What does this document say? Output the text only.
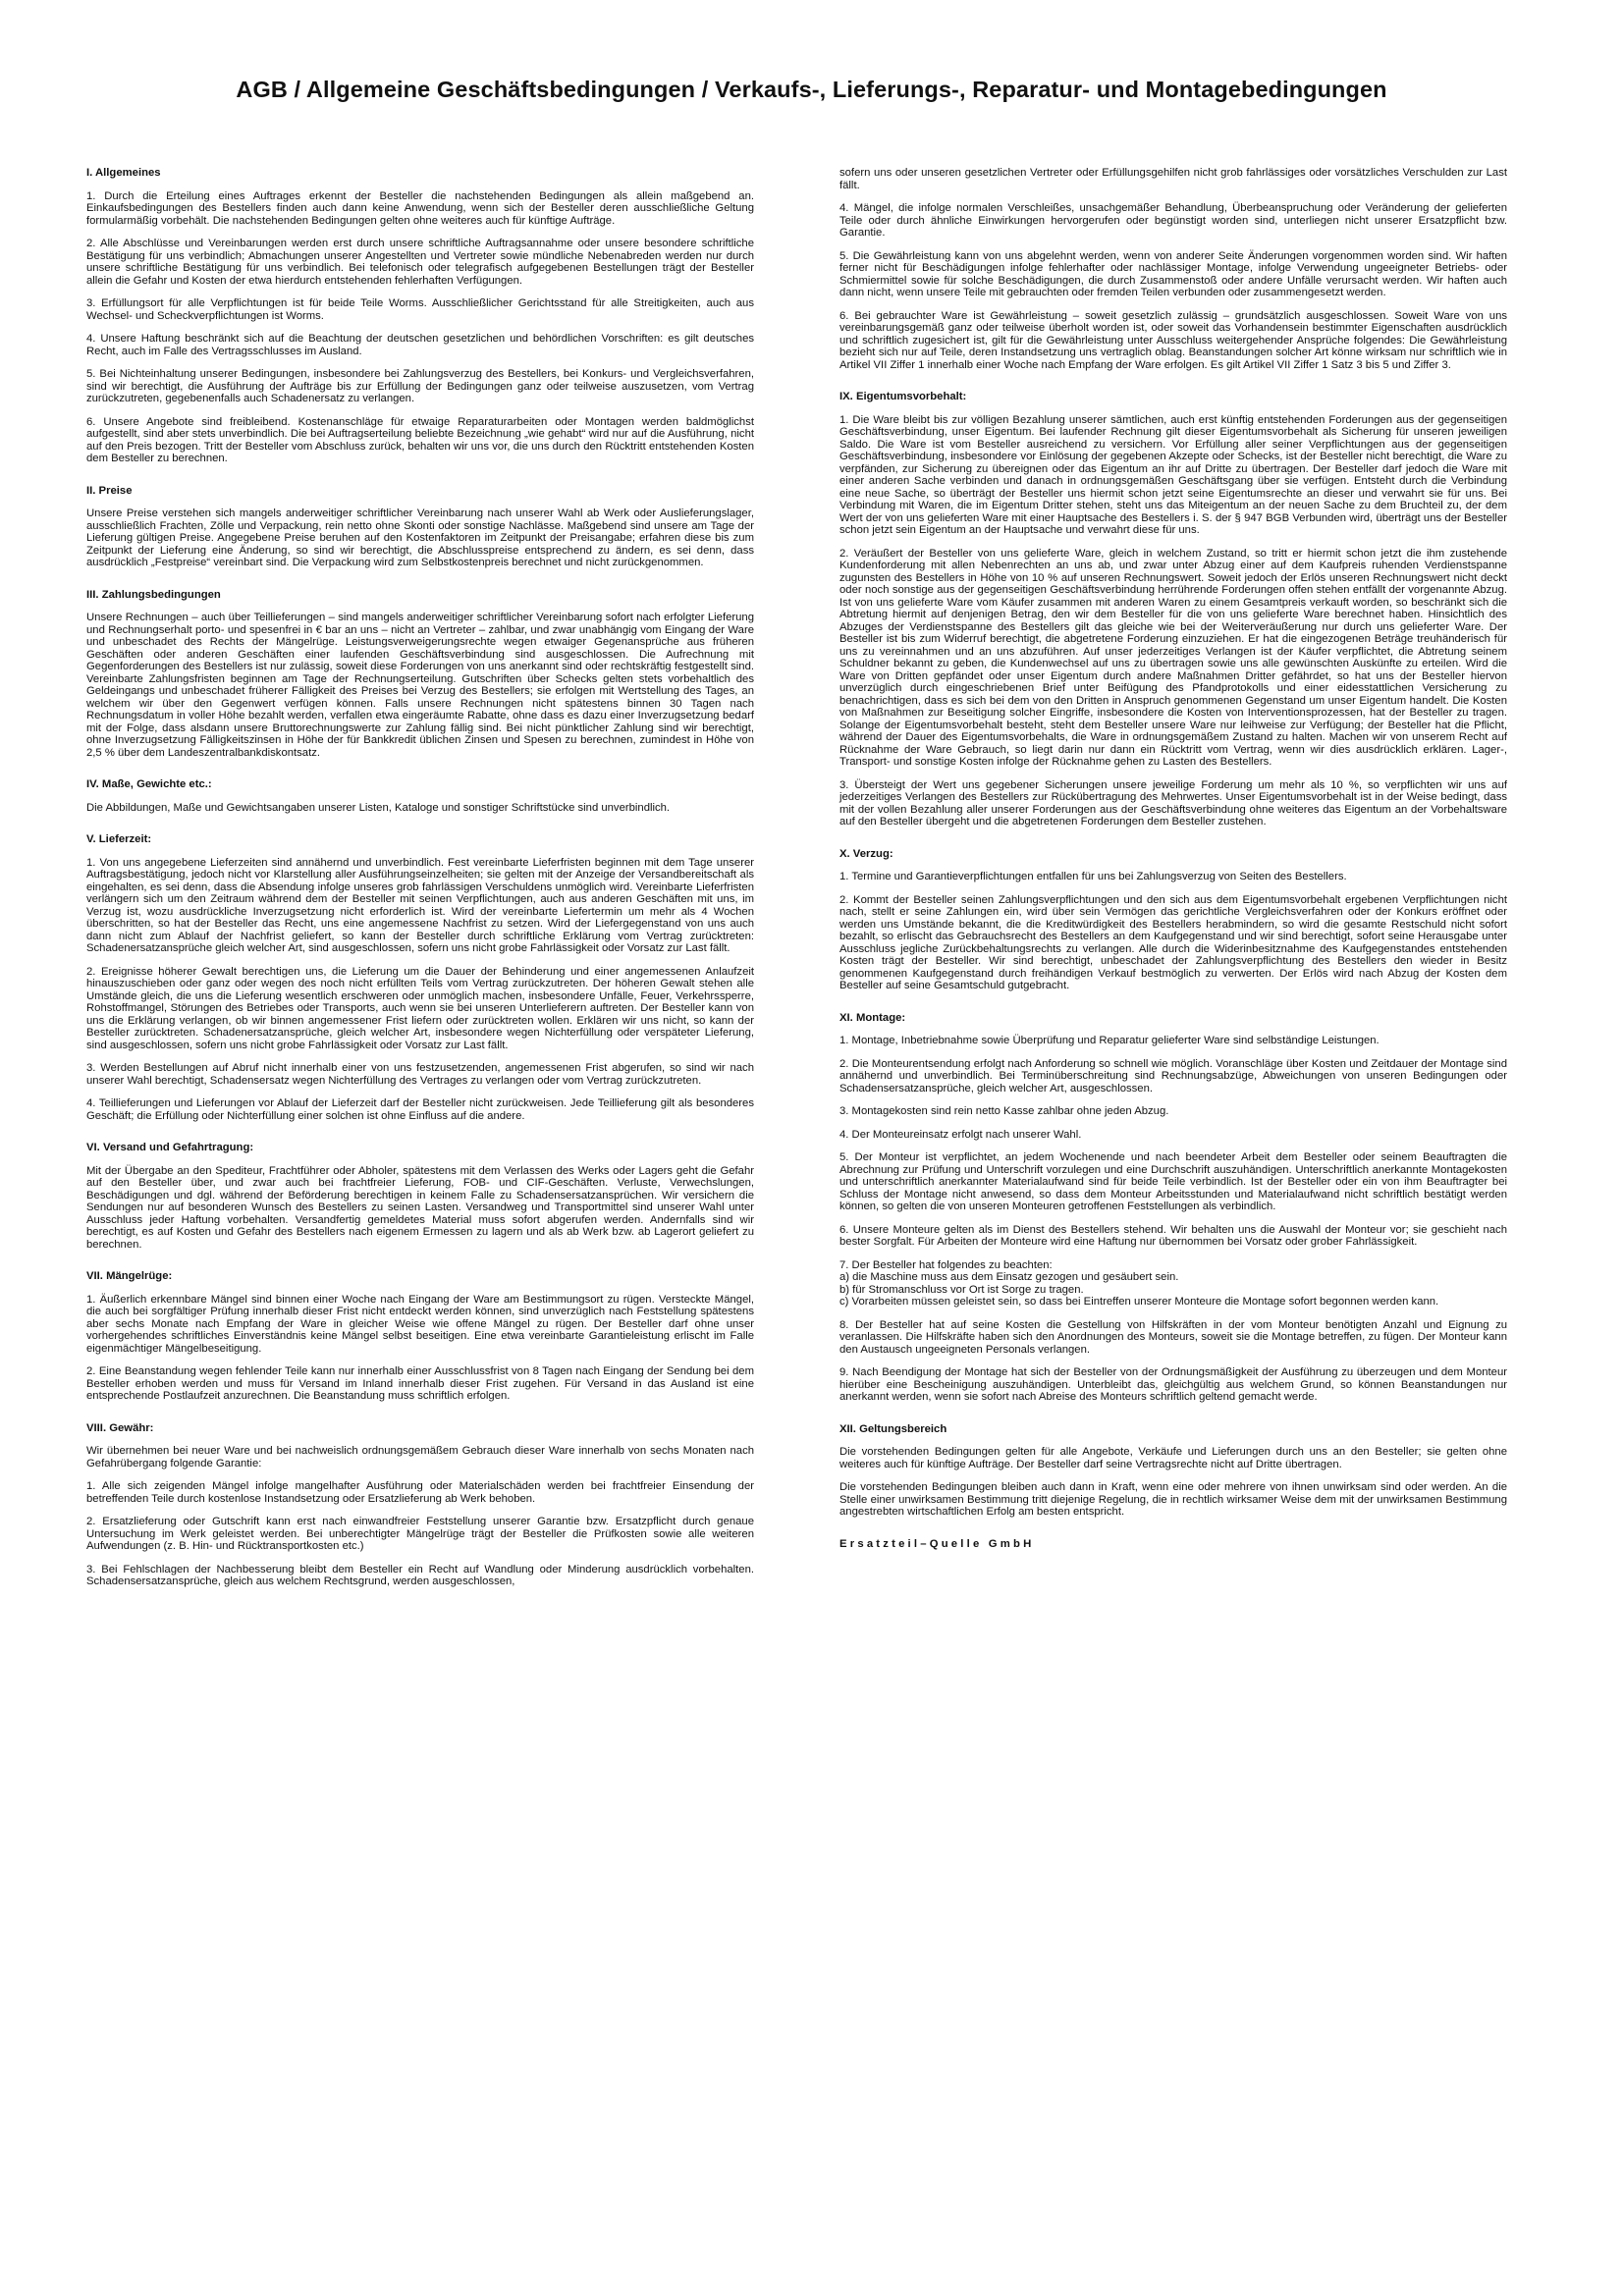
AGB / Allgemeine Geschäftsbedingungen / Verkaufs-, Lieferungs-, Reparatur- und Montagebedingungen
I. Allgemeines

1. Durch die Erteilung eines Auftrages erkennt der Besteller die nachstehenden Bedingungen als allein maßgebend an. Einkaufsbedingungen des Bestellers finden auch dann keine Anwendung, wenn sich der Besteller deren ausschließliche Geltung formularmäßig vorbehält. Die nachstehenden Bedingungen gelten ohne weiteres auch für künftige Aufträge.

2. Alle Abschlüsse und Vereinbarungen werden erst durch unsere schriftliche Auftragsannahme oder unsere besondere schriftliche Bestätigung für uns verbindlich; Abmachungen unserer Angestellten und Vertreter sowie mündliche Nebenabreden werden nur durch unsere schriftliche Bestätigung für uns verbindlich. Bei telefonisch oder telegrafisch aufgegebenen Bestellungen trägt der Besteller allein die Gefahr und Kosten der etwa hierdurch entstehenden fehlerhaften Verfügungen.

3. Erfüllungsort für alle Verpflichtungen ist für beide Teile Worms. Ausschließlicher Gerichtsstand für alle Streitigkeiten, auch aus Wechsel- und Scheckverpflichtungen ist Worms.

4. Unsere Haftung beschränkt sich auf die Beachtung der deutschen gesetzlichen und behördlichen Vorschriften: es gilt deutsches Recht, auch im Falle des Vertragsschlusses im Ausland.

5. Bei Nichteinhaltung unserer Bedingungen, insbesondere bei Zahlungsverzug des Bestellers, bei Konkurs- und Vergleichsverfahren, sind wir berechtigt, die Ausführung der Aufträge bis zur Erfüllung der Bedingungen ganz oder teilweise auszusetzen, vom Vertrag zurückzutreten, gegebenenfalls auch Schadenersatz zu verlangen.

6. Unsere Angebote sind freibleibend. Kostenanschläge für etwaige Reparaturarbeiten oder Montagen werden baldmöglichst aufgestellt, sind aber stets unverbindlich. Die bei Auftragserteilung beliebte Bezeichnung „wie gehabt“ wird nur auf die Ausführung, nicht auf den Preis bezogen. Tritt der Besteller vom Abschluss zurück, behalten wir uns vor, die uns durch den Rücktritt entstehenden Kosten dem Besteller zu berechnen.

II. Preise

Unsere Preise verstehen sich mangels anderweitiger schriftlicher Vereinbarung nach unserer Wahl ab Werk oder Auslieferungslager, ausschließlich Frachten, Zölle und Verpackung, rein netto ohne Skonti oder sonstige Nachlässe. Maßgebend sind unsere am Tage der Lieferung gültigen Preise. Angegebene Preise beruhen auf den Kostenfaktoren im Zeitpunkt der Preisangabe; erfahren diese bis zum Zeitpunkt der Lieferung eine Änderung, so sind wir berechtigt, die Abschlusspreise entsprechend zu ändern, es sei denn, dass ausdrücklich „Festpreise“ vereinbart sind. Die Verpackung wird zum Selbstkostenpreis berechnet und nicht zurückgenommen.

III. Zahlungsbedingungen

Unsere Rechnungen – auch über Teillieferungen – sind mangels anderweitiger schriftlicher Vereinbarung sofort nach erfolgter Lieferung und Rechnungserhalt porto- und spesenfrei in € bar an uns – nicht an Vertreter – zahlbar, und zwar unabhängig vom Eingang der Ware und unbeschadet des Rechts der Mängelrüge. Leistungsverweigerungsrechte wegen etwaiger Gegenansprüche aus früheren Geschäften oder anderen Geschäften einer laufenden Geschäftsverbindung sind ausgeschlossen. Die Aufrechnung mit Gegenforderungen des Bestellers ist nur zulässig, soweit diese Forderungen von uns anerkannt sind oder rechtskräftig festgestellt sind. Vereinbarte Zahlungsfristen beginnen am Tage der Rechnungserteilung. Gutschriften über Schecks gelten stets vorbehaltlich des Geldeingangs und unbeschadet früherer Fälligkeit des Preises bei Verzug des Bestellers; sie erfolgen mit Wertstellung des Tages, an welchem wir über den Gegenwert verfügen können. Falls unsere Rechnungen nicht spätestens binnen 30 Tagen nach Rechnungsdatum in voller Höhe bezahlt werden, verfallen etwa eingeräumte Rabatte, ohne dass es dazu einer Inverzugsetzung bedarf mit der Folge, dass alsdann unsere Bruttorechnungswerte zur Zahlung fällig sind. Bei nicht pünktlicher Zahlung sind wir berechtigt, ohne Inverzugsetzung Fälligkeitszinsen in Höhe der für Bankkredit üblichen Zinsen und Spesen zu berechnen, zumindest in Höhe von 2,5 % über dem Landeszentralbankdiskontsatz.

IV. Maße, Gewichte etc.:

Die Abbildungen, Maße und Gewichtsangaben unserer Listen, Kataloge und sonstiger Schriftstücke sind unverbindlich.

V. Lieferzeit:

1. Von uns angegebene Lieferzeiten sind annähernd und unverbindlich. Fest vereinbarte Lieferfristen beginnen mit dem Tage unserer Auftragsbestätigung, jedoch nicht vor Klarstellung aller Ausführungseinzelheiten; sie gelten mit der Anzeige der Versandbereitschaft als eingehalten, es sei denn, dass die Absendung infolge unseres grob fahrlässigen Verschuldens unmöglich wird. Vereinbarte Lieferfristen verlängern sich um den Zeitraum während dem der Besteller mit seinen Verpflichtungen, auch aus anderen Geschäften mit uns, im Verzug ist, wozu ausdrückliche Inverzugsetzung nicht erforderlich ist. Wird der vereinbarte Liefertermin um mehr als 4 Wochen überschritten, so hat der Besteller das Recht, uns eine angemessene Nachfrist zu setzen. Wird der Liefergegenstand von uns auch dann nicht zum Ablauf der Nachfrist geliefert, so kann der Besteller durch schriftliche Erklärung vom Vertrag zurücktreten: Schadenersatzansprüche gleich welcher Art, sind ausgeschlossen, sofern uns nicht grobe Fahrlässigkeit oder Vorsatz zur Last fällt.

2. Ereignisse höherer Gewalt berechtigen uns, die Lieferung um die Dauer der Behinderung und einer angemessenen Anlaufzeit hinauszuschieben oder ganz oder wegen des noch nicht erfüllten Teils vom Vertrag zurückzutreten. Der höheren Gewalt stehen alle Umstände gleich, die uns die Lieferung wesentlich erschweren oder unmöglich machen, insbesondere Unfälle, Feuer, Verkehrssperre, Rohstoffmangel, Störungen des Betriebes oder Transports, auch wenn sie bei unseren Unterlieferern auftreten. Der Besteller kann von uns die Erklärung verlangen, ob wir binnen angemessener Frist liefern oder zurücktreten wollen. Erklären wir uns nicht, so kann der Besteller zurücktreten. Schadenersatzansprüche, gleich welcher Art, insbesondere wegen Nichterfüllung oder verspäteter Lieferung, sind ausgeschlossen, sofern uns nicht grobe Fahrlässigkeit oder Vorsatz zur Last fällt.

3. Werden Bestellungen auf Abruf nicht innerhalb einer von uns festzusetzenden, angemessenen Frist abgerufen, so sind wir nach unserer Wahl berechtigt, Schadensersatz wegen Nichterfüllung des Vertrages zu verlangen oder vom Vertrag zurückzutreten.

4. Teillieferungen und Lieferungen vor Ablauf der Lieferzeit darf der Besteller nicht zurückweisen. Jede Teillieferung gilt als besonderes Geschäft; die Erfüllung oder Nichterfüllung einer solchen ist ohne Einfluss auf die andere.

VI. Versand und Gefahrtragung:

Mit der Übergabe an den Spediteur, Frachtführer oder Abholer, spätestens mit dem Verlassen des Werks oder Lagers geht die Gefahr auf den Besteller über, und zwar auch bei frachtfreier Lieferung, FOB- und CIF-Geschäften. Verluste, Verwechslungen, Beschädigungen und dgl. während der Beförderung berechtigen in keinem Falle zu Schadensersatzansprüchen. Wir versichern die Sendungen nur auf besonderen Wunsch des Bestellers zu seinen Lasten. Versandweg und Transportmittel sind unserer Wahl unter Ausschluss jeder Haftung vorbehalten. Versandfertig gemeldetes Material muss sofort abgerufen werden. Andernfalls sind wir berechtigt, es auf Kosten und Gefahr des Bestellers nach eigenem Ermessen zu lagern und als ab Werk bzw. ab Lagerort geliefert zu berechnen.

VII. Mängelrüge:

1. Äußerlich erkennbare Mängel sind binnen einer Woche nach Eingang der Ware am Bestimmungsort zu rügen. Versteckte Mängel, die auch bei sorgfältiger Prüfung innerhalb dieser Frist nicht entdeckt werden können, sind unverzüglich nach Feststellung spätestens aber sechs Monate nach Empfang der Ware in gleicher Weise wie offene Mängel zu rügen. Der Besteller darf ohne unser vorhergehendes schriftliches Einverständnis keine Mängel selbst beseitigen. Eine etwa vereinbarte Garantieleistung erlischt im Falle eigenmächtiger Mängelbeseitigung.

2. Eine Beanstandung wegen fehlender Teile kann nur innerhalb einer Ausschlussfrist von 8 Tagen nach Eingang der Sendung bei dem Besteller erhoben werden und muss für Versand im Inland innerhalb dieser Frist zugehen. Für Versand in das Ausland ist eine entsprechende Postlaufzeit anzurechnen. Die Beanstandung muss schriftlich erfolgen.

VIII. Gewähr:

Wir übernehmen bei neuer Ware und bei nachweislich ordnungsgemäßem Gebrauch dieser Ware innerhalb von sechs Monaten nach Gefahrübergang folgende Garantie:

1. Alle sich zeigenden Mängel infolge mangelhafter Ausführung oder Materialschäden werden bei frachtfreier Einsendung der betreffenden Teile durch kostenlose Instandsetzung oder Ersatzlieferung ab Werk behoben.

2. Ersatzlieferung oder Gutschrift kann erst nach einwandfreier Feststellung unserer Garantie bzw. Ersatzpflicht durch genaue Untersuchung im Werk geleistet werden. Bei unberechtigter Mängelrüge trägt der Besteller die Prüfkosten sowie alle weiteren Aufwendungen (z. B. Hin- und Rücktransportkosten etc.)

3. Bei Fehlschlagen der Nachbesserung bleibt dem Besteller ein Recht auf Wandlung oder Minderung ausdrücklich vorbehalten. Schadensersatzansprüche, gleich aus welchem Rechtsgrund, werden ausgeschlossen,

sofern uns oder unseren gesetzlichen Vertreter oder Erfüllungsgehilfen nicht grob fahrlässiges oder vorsätzliches Verschulden zur Last fällt.

4. Mängel, die infolge normalen Verschleißes, unsachgemäßer Behandlung, Überbeanspruchung oder Veränderung der gelieferten Teile oder durch ähnliche Einwirkungen hervorgerufen oder begünstigt worden sind, unterliegen nicht unserer Ersatzpflicht bzw. Garantie.

5. Die Gewährleistung kann von uns abgelehnt werden, wenn von anderer Seite Änderungen vorgenommen worden sind. Wir haften ferner nicht für Beschädigungen infolge fehlerhafter oder nachlässiger Montage, infolge Verwendung ungeeigneter Betriebs- oder Schmiermittel sowie für solche Beschädigungen, die durch Zusammenstoß oder andere Unfälle verursacht werden. Wir haften auch dann nicht, wenn unsere Teile mit gebrauchten oder fremden Teilen verbunden oder zusammengesetzt werden.

6. Bei gebrauchter Ware ist Gewährleistung – soweit gesetzlich zulässig – grundsätzlich ausgeschlossen. Soweit Ware von uns vereinbarungsgemäß ganz oder teilweise überholt worden ist, oder soweit das Vorhandensein bestimmter Eigenschaften ausdrücklich und schriftlich zugesichert ist, gilt für die Gewährleistung unter Ausschluss weitergehender Ansprüche folgendes: Die Gewährleistung bezieht sich nur auf Teile, deren Instandsetzung uns vertraglich oblag. Beanstandungen solcher Art könne wirksam nur schriftlich wie in Artikel VII Ziffer 1 innerhalb einer Woche nach Empfang der Ware erfolgen. Es gilt Artikel VII Ziffer 1 Satz 3 bis 5 und Ziffer 3.

IX. Eigentumsvorbehalt:

1. Die Ware bleibt bis zur völligen Bezahlung unserer sämtlichen, auch erst künftig entstehenden Forderungen aus der gegenseitigen Geschäftsverbindung, unser Eigentum. Bei laufender Rechnung gilt dieser Eigentumsvorbehalt als Sicherung für unseren jeweiligen Saldo. Die Ware ist vom Besteller ausreichend zu versichern. Vor Erfüllung aller seiner Verpflichtungen aus der gegenseitigen Geschäftsverbindung, insbesondere vor Einlösung der gegebenen Akzepte oder Schecks, ist der Besteller nicht berechtigt, die Ware zu verpfänden, zur Sicherung zu übereignen oder das Eigentum an ihr auf Dritte zu übertragen. Der Besteller darf jedoch die Ware mit einer anderen Sache verbinden und danach in ordnungsgemäßen Geschäftsgang über sie verfügen. Entsteht durch die Verbindung eine neue Sache, so überträgt der Besteller uns hiermit schon jetzt seine Eigentumsrechte an dieser und verwahrt sie für uns. Bei Verbindung mit Waren, die im Eigentum Dritter stehen, steht uns das Miteigentum an der neuen Sache zu dem Bruchteil zu, der dem Wert der von uns gelieferten Ware mit einer Hauptsache des Bestellers i. S. der § 947 BGB Verbunden wird, überträgt uns der Besteller schon jetzt sein Eigentum an der Hauptsache und verwahrt diese für uns.

2. Veräußert der Besteller von uns gelieferte Ware, gleich in welchem Zustand, so tritt er hiermit schon jetzt die ihm zustehende Kundenforderung mit allen Nebenrechten an uns ab, und zwar unter Abzug einer auf dem Kaufpreis ruhenden Verdienstspanne zugunsten des Bestellers in Höhe von 10 % auf unseren Rechnungswert. Soweit jedoch der Erlös unseren Rechnungswert nicht deckt oder noch sonstige aus der gegenseitigen Geschäftsverbindung herrührende Forderungen offen stehen entfällt der vorgenannte Abzug. Ist von uns gelieferte Ware vom Käufer zusammen mit anderen Waren zu einem Gesamtpreis verkauft worden, so beschränkt sich die Abtretung hiermit auf denjenigen Betrag, den wir dem Besteller für die von uns gelieferte Ware berechnet haben. Hinsichtlich des Abzuges der Verdienstspanne des Bestellers gilt das gleiche wie bei der Weiterveräußerung nur durch uns gelieferter Ware. Der Besteller ist bis zum Widerruf berechtigt, die abgetretene Forderung einzuziehen. Er hat die eingezogenen Beträge treuhänderisch für uns zu vereinnahmen und an uns abzuführen. Auf unser jederzeitiges Verlangen ist der Käufer verpflichtet, die Abtretung seinem Schuldner bekannt zu geben, die Kundenwechsel auf uns zu übertragen sowie uns alle gewünschten Auskünfte zu erteilen. Wird die Ware von Dritten gepfändet oder unser Eigentum durch andere Maßnahmen Dritter gefährdet, so hat uns der Besteller hiervon unverzüglich durch eingeschriebenen Brief unter Beifügung des Pfandprotokolls und einer eidesstattlichen Versicherung zu benachrichtigen, dass es sich bei dem von den Dritten in Anspruch genommenen Gegenstand um unser Eigentum handelt. Die Kosten von Maßnahmen zur Beseitigung solcher Eingriffe, insbesondere die Kosten von Interventionsprozessen, hat der Besteller zu tragen. Solange der Eigentumsvorbehalt besteht, steht dem Besteller unsere Ware nur leihweise zur Verfügung; der Besteller hat die Pflicht, während der Dauer des Eigentumsvorbehalts, die Ware in ordnungsgemäßem Zustand zu halten. Machen wir von unserem Recht auf Rücknahme der Ware Gebrauch, so liegt darin nur dann ein Rücktritt vom Vertrag, wenn wir dies ausdrücklich erklären. Lager-, Transport- und sonstige Kosten infolge der Rücknahme gehen zu Lasten des Bestellers.

3. Übersteigt der Wert uns gegebener Sicherungen unsere jeweilige Forderung um mehr als 10 %, so verpflichten wir uns auf jederzeitiges Verlangen des Bestellers zur Rückübertragung des Mehrwertes. Unser Eigentumsvorbehalt ist in der Weise bedingt, dass mit der vollen Bezahlung aller unserer Forderungen aus der Geschäftsverbindung ohne weiteres das Eigentum an der Vorbehaltsware auf den Besteller übergeht und die abgetretenen Forderungen dem Besteller zustehen.

X. Verzug:

1. Termine und Garantieverpflichtungen entfallen für uns bei Zahlungsverzug von Seiten des Bestellers.

2. Kommt der Besteller seinen Zahlungsverpflichtungen und den sich aus dem Eigentumsvorbehalt ergebenen Verpflichtungen nicht nach, stellt er seine Zahlungen ein, wird über sein Vermögen das gerichtliche Vergleichsverfahren oder der Konkurs eröffnet oder werden uns Umstände bekannt, die die Kreditwürdigkeit des Bestellers herabmindern, so wird die gesamte Restschuld nicht sofort bezahlt, so erlischt das Gebrauchsrecht des Bestellers an dem Kaufgegenstand und wir sind berechtigt, sofort seine Herausgabe unter Ausschluss jegliche Zurückbehaltungsrechts zu verlangen. Alle durch die Widerinbesitznahme des Kaufgegenstandes entstehenden Kosten trägt der Besteller. Wir sind berechtigt, unbeschadet der Zahlungsverpflichtung des Bestellers den wieder in Besitz genommenen Kaufgegenstand durch freihändigen Verkauf bestmöglich zu verwerten. Der Erlös wird nach Abzug der Kosten dem Besteller auf seine Gesamtschuld gutgebracht.

XI. Montage:

1. Montage, Inbetriebnahme sowie Überprüfung und Reparatur gelieferter Ware sind selbständige Leistungen.

2. Die Monteurentsendung erfolgt nach Anforderung so schnell wie möglich. Voranschläge über Kosten und Zeitdauer der Montage sind annähernd und unverbindlich. Bei Terminüberschreitung sind Rechnungsabzüge, Abweichungen von unseren Bedingungen oder Schadensersatzansprüche, gleich welcher Art, ausgeschlossen.

3. Montagekosten sind rein netto Kasse zahlbar ohne jeden Abzug.

4. Der Monteureinsatz erfolgt nach unserer Wahl.

5. Der Monteur ist verpflichtet, an jedem Wochenende und nach beendeter Arbeit dem Besteller oder seinem Beauftragten die Abrechnung zur Prüfung und Unterschrift vorzulegen und eine Durchschrift auszuhändigen. Unterschriftlich anerkannte Montagekosten und unterschriftlich anerkannter Materialaufwand sind für beide Teile verbindlich. Ist der Besteller oder ein von ihm Beauftragter bei Schluss der Montage nicht anwesend, so dass dem Monteur Arbeitsstunden und Materialaufwand nicht schriftlich bestätigt werden können, so gelten die von unseren Monteuren getroffenen Feststellungen als verbindlich.

6. Unsere Monteure gelten als im Dienst des Bestellers stehend. Wir behalten uns die Auswahl der Monteur vor; sie geschieht nach bester Sorgfalt. Für Arbeiten der Monteure wird eine Haftung nur übernommen bei Vorsatz oder grober Fahrlässigkeit.

7. Der Besteller hat folgendes zu beachten:
a) die Maschine muss aus dem Einsatz gezogen und gesäubert sein.
b) für Stromanschluss vor Ort ist Sorge zu tragen.
c) Vorarbeiten müssen geleistet sein, so dass bei Eintreffen unserer Monteure die Montage sofort begonnen werden kann.

8. Der Besteller hat auf seine Kosten die Gestellung von Hilfskräften in der vom Monteur benötigten Anzahl und Eignung zu veranlassen. Die Hilfskräfte haben sich den Anordnungen des Monteurs, soweit sie die Montage betreffen, zu fügen. Der Monteur kann den Austausch ungeeigneten Personals verlangen.

9. Nach Beendigung der Montage hat sich der Besteller von der Ordnungsmäßigkeit der Ausführung zu überzeugen und dem Monteur hierüber eine Bescheinigung auszuhändigen. Unterbleibt das, gleichgültig aus welchem Grund, so können Beanstandungen nur anerkannt werden, wenn sie sofort nach Abreise des Monteurs schriftlich geltend gemacht werde.

XII. Geltungsbereich

Die vorstehenden Bedingungen gelten für alle Angebote, Verkäufe und Lieferungen durch uns an den Besteller; sie gelten ohne weiteres auch für künftige Aufträge. Der Besteller darf seine Vertragsrechte nicht auf Dritte übertragen.

Die vorstehenden Bedingungen bleiben auch dann in Kraft, wenn eine oder mehrere von ihnen unwirksam sind oder werden. An die Stelle einer unwirksamen Bestimmung tritt diejenige Regelung, die in rechtlich wirksamer Weise dem mit der unwirksamen Bestimmung angestrebten wirtschaftlichen Erfolg am besten entspricht.

Ersatzteil–Quelle GmbH
